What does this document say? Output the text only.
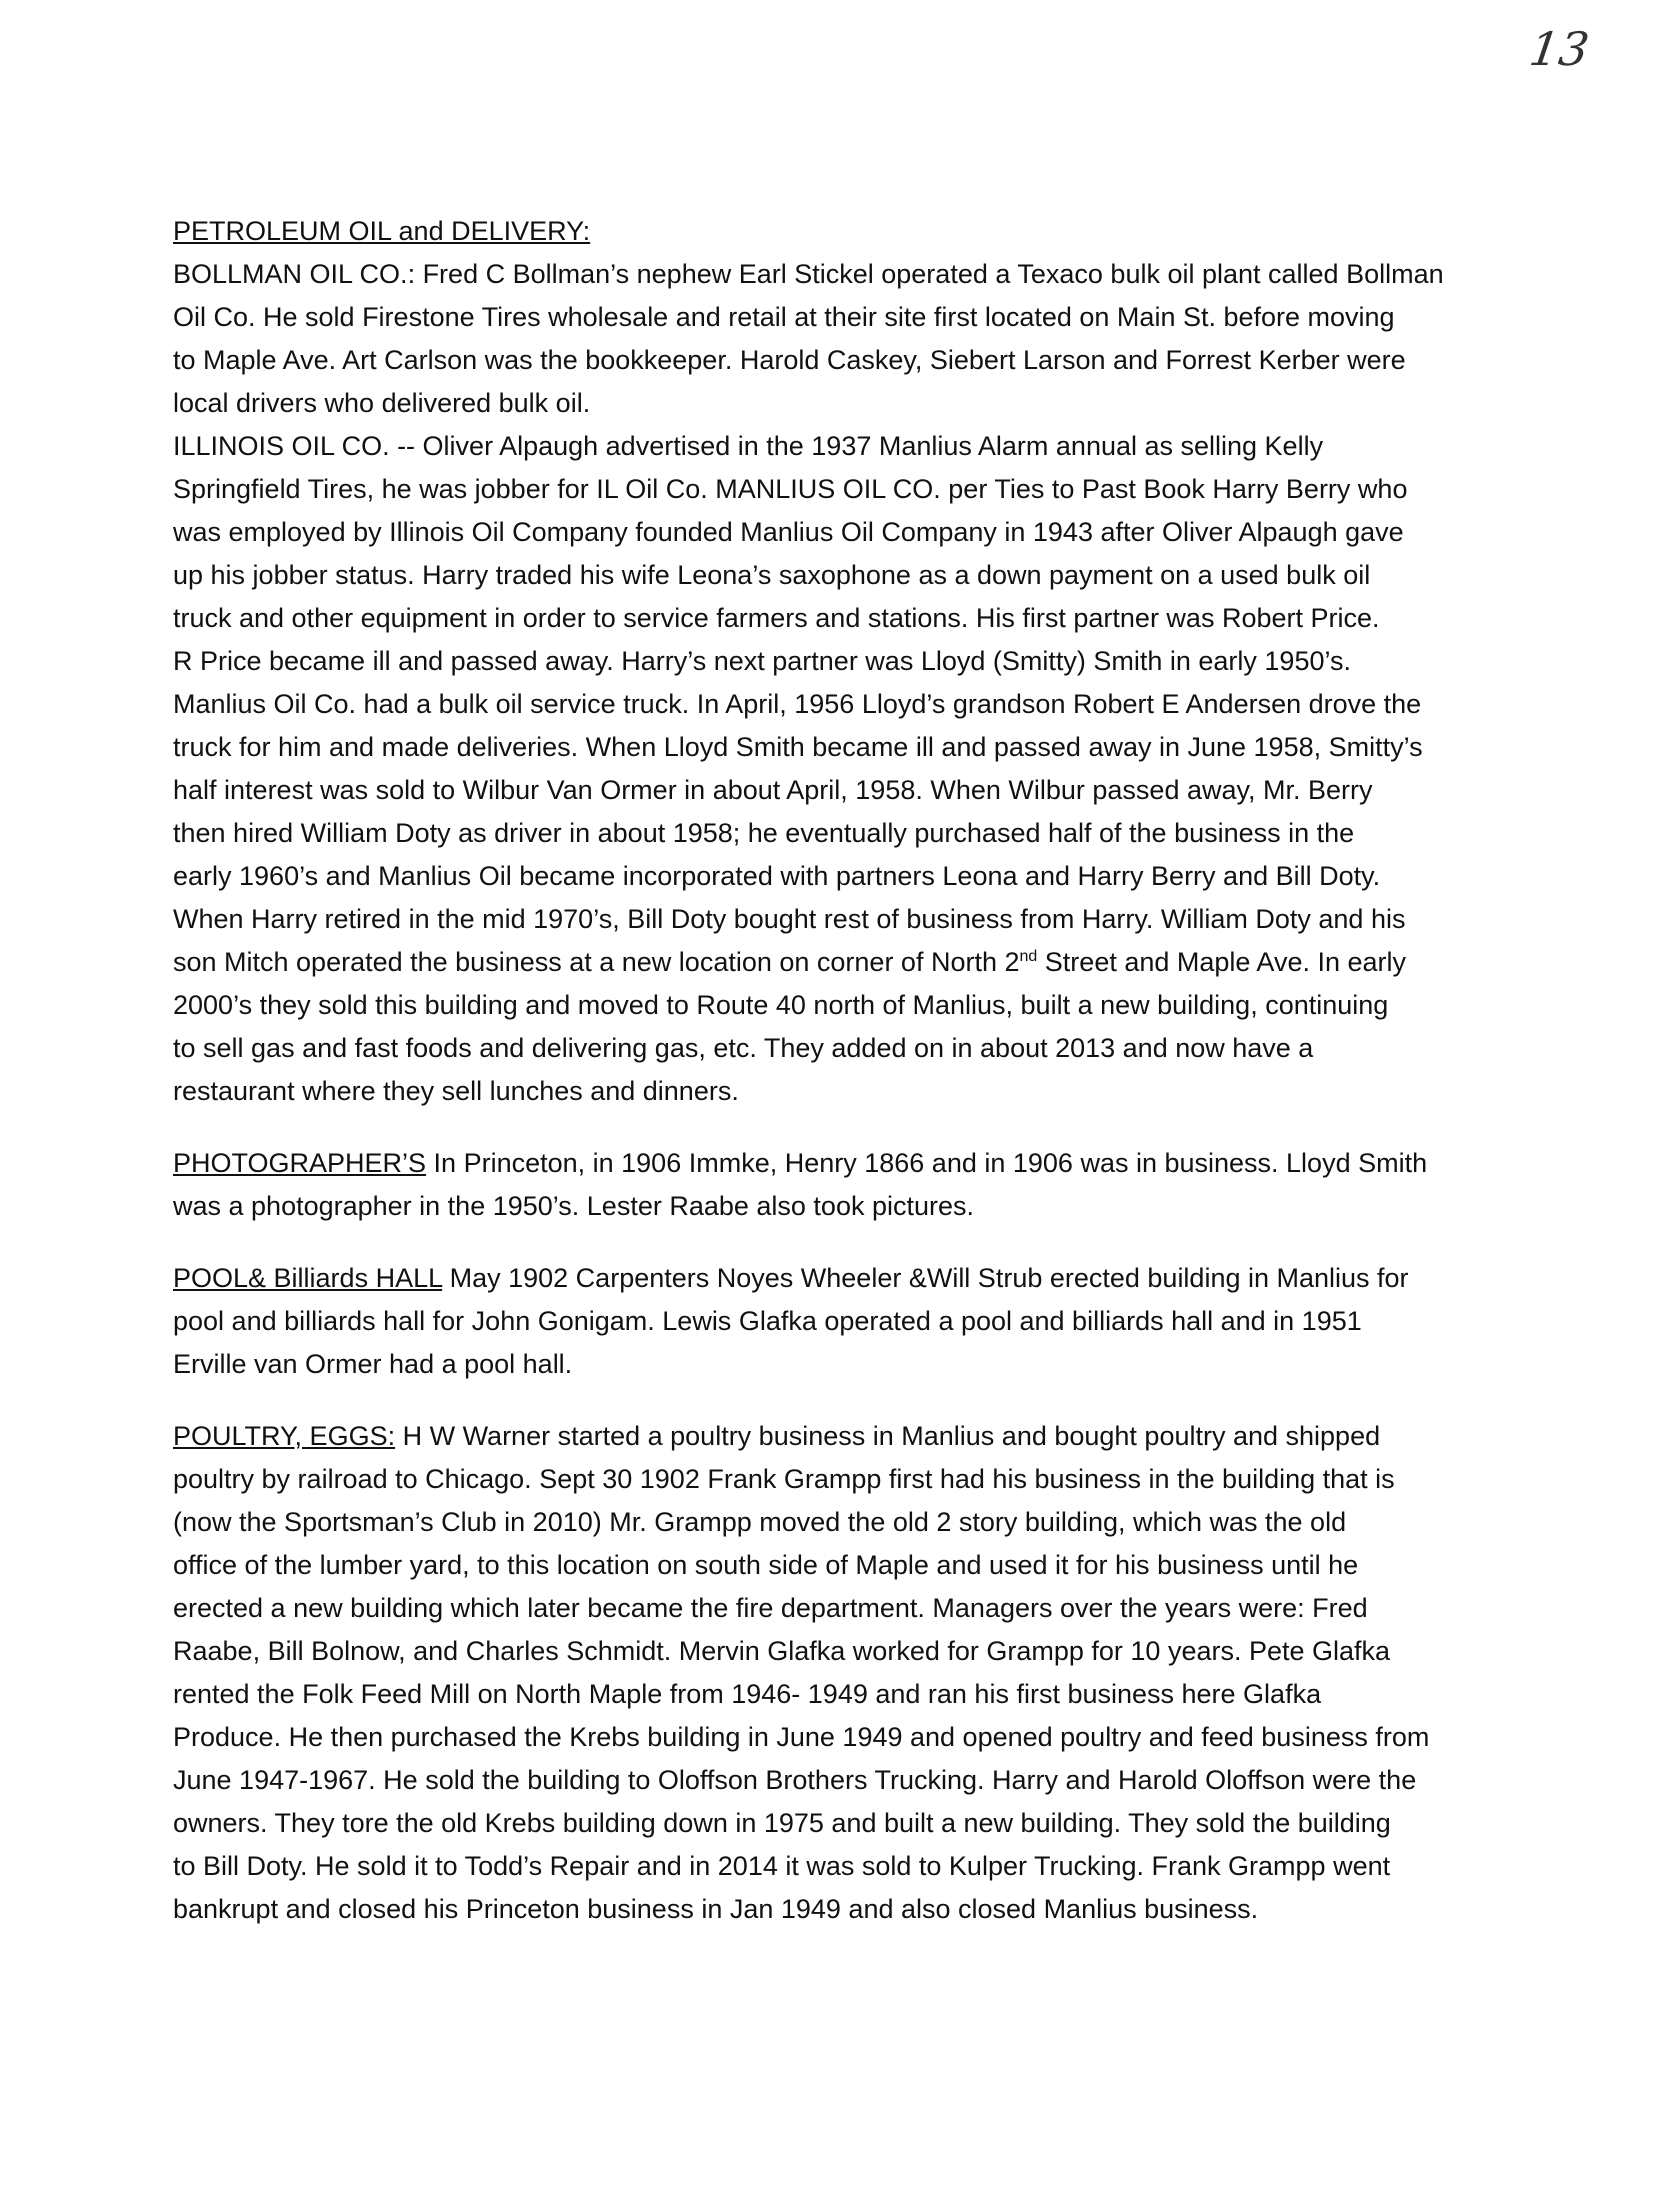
13
PETROLEUM OIL and DELIVERY:
BOLLMAN OIL CO.: Fred C Bollman’s nephew Earl Stickel operated a Texaco bulk oil plant called Bollman
Oil Co. He sold Firestone Tires wholesale and retail at their site first located on Main St. before moving
to Maple Ave. Art Carlson was the bookkeeper. Harold Caskey, Siebert Larson and Forrest Kerber were
local drivers who delivered bulk oil.
ILLINOIS OIL CO. -- Oliver Alpaugh advertised in the 1937 Manlius Alarm annual as selling Kelly
Springfield Tires, he was jobber for IL Oil Co. MANLIUS OIL CO. per Ties to Past Book Harry Berry who
was employed by Illinois Oil Company founded Manlius Oil Company in 1943 after Oliver Alpaugh gave
up his jobber status. Harry traded his wife Leona’s saxophone as a down payment on a used bulk oil
truck and other equipment in order to service farmers and stations. His first partner was Robert Price.
R Price became ill and passed away. Harry’s next partner was Lloyd (Smitty) Smith in early 1950’s.
Manlius Oil Co. had a bulk oil service truck. In April, 1956 Lloyd’s grandson Robert E Andersen drove the
truck for him and made deliveries. When Lloyd Smith became ill and passed away in June 1958, Smitty’s
half interest was sold to Wilbur Van Ormer in about April, 1958. When Wilbur passed away, Mr. Berry
then hired William Doty as driver in about 1958; he eventually purchased half of the business in the
early 1960’s and Manlius Oil became incorporated with partners Leona and Harry Berry and Bill Doty.
When Harry retired in the mid 1970’s, Bill Doty bought rest of business from Harry. William Doty and his
son Mitch operated the business at a new location on corner of North 2nd Street and Maple Ave. In early
2000’s they sold this building and moved to Route 40 north of Manlius, built a new building, continuing
to sell gas and fast foods and delivering gas, etc. They added on in about 2013 and now have a
restaurant where they sell lunches and dinners.
PHOTOGRAPHER’S In Princeton, in 1906 Immke, Henry 1866 and in 1906 was in business. Lloyd Smith
was a photographer in the 1950’s. Lester Raabe also took pictures.
POOL& Billiards HALL May 1902 Carpenters Noyes Wheeler &Will Strub erected building in Manlius for
pool and billiards hall for John Gonigam. Lewis Glafka operated a pool and billiards hall and in 1951
Erville van Ormer had a pool hall.
POULTRY, EGGS: H W Warner started a poultry business in Manlius and bought poultry and shipped
poultry by railroad to Chicago. Sept 30 1902 Frank Grampp first had his business in the building that is
(now the Sportsman’s Club in 2010) Mr. Grampp moved the old 2 story building, which was the old
office of the lumber yard, to this location on south side of Maple and used it for his business until he
erected a new building which later became the fire department. Managers over the years were: Fred
Raabe, Bill Bolnow, and Charles Schmidt. Mervin Glafka worked for Grampp for 10 years. Pete Glafka
rented the Folk Feed Mill on North Maple from 1946- 1949 and ran his first business here Glafka
Produce. He then purchased the Krebs building in June 1949 and opened poultry and feed business from
June 1947-1967. He sold the building to Oloffson Brothers Trucking. Harry and Harold Oloffson were the
owners. They tore the old Krebs building down in 1975 and built a new building. They sold the building
to Bill Doty. He sold it to Todd’s Repair and in 2014 it was sold to Kulper Trucking. Frank Grampp went
bankrupt and closed his Princeton business in Jan 1949 and also closed Manlius business.
